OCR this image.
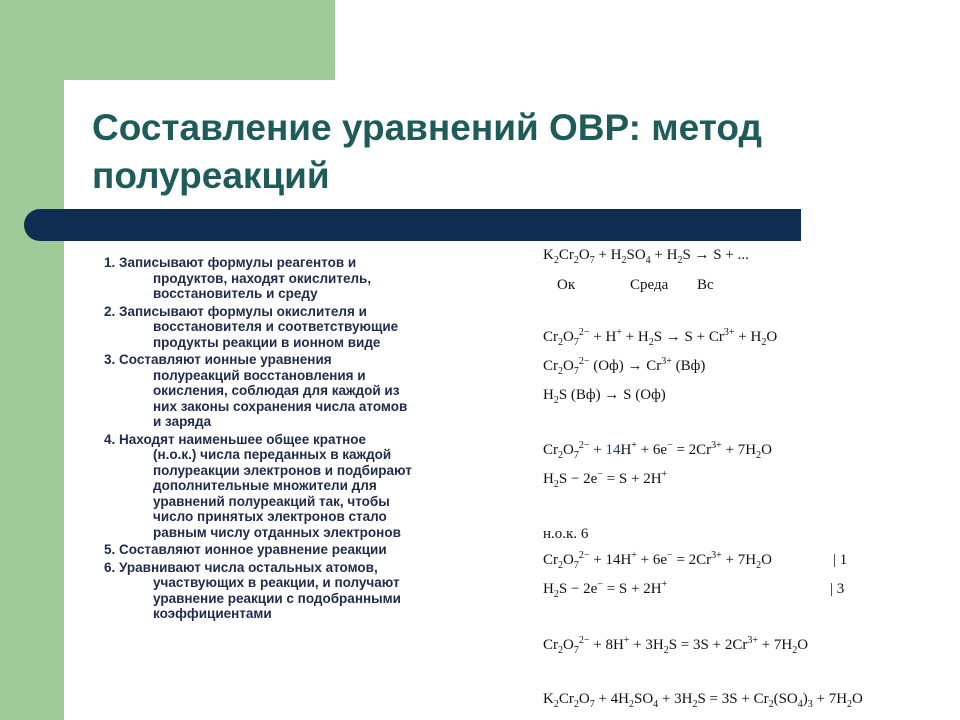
Составление уравнений ОВР: метод полуреакций
1. Записывают формулы реагентов и
продуктов, находят окислитель,
восстановитель и среду
2. Записывают формулы окислителя и
восстановителя и соответствующие
продукты реакции в ионном виде
3. Составляют ионные уравнения
полуреакций восстановления и
окисления, соблюдая для каждой из
них законы сохранения числа атомов
и заряда
4. Находят наименьшее общее кратное
(н.о.к.) числа переданных в каждой
полуреакции электронов и подбирают
дополнительные множители для
уравнений полуреакций так, чтобы
число принятых электронов стало
равным числу отданных электронов
5. Составляют ионное уравнение реакции
6. Уравнивают числа остальных атомов,
участвующих в реакции, и получают
уравнение реакции с подобранными
коэффициентами
$K_2Cr_2O_7 + H_2SO_4 + H_2S \to S$ + ...
Ок	Среда Вс
$Cr_2O_7^{2-} + H^+ + H_2S \to S + Cr^{3+} + H_2O$
$Cr_2O_7^{2-}$ $(Оф) \to Cr^{3+}$ (Вф)
$H_2S$ (Вф) → S (Оф)
$Cr_2O_7^{2-} + 14H^+ + 6e^- = 2Cr^{3+} + 7H_2O$
$H_2S - 2e^- = S + 2H^+$
н.о.к. 6
$Cr_2O_7^{2-} + 14H^+ + 6e^- = 2Cr^{3+} + 7H_2O$	| 1
$H_2S - 2e^- = S + 2H^+$	| 3
$Cr_2O_7^{2-} + 8H^+ + 3H_2S = 3S + 2Cr^{3+} + 7H_2O$
$K_2Cr_2O_7 + 4H_2SO_4 + 3H_2S = 3S + Cr_2(SO_4)_3 + 7H_2O$
